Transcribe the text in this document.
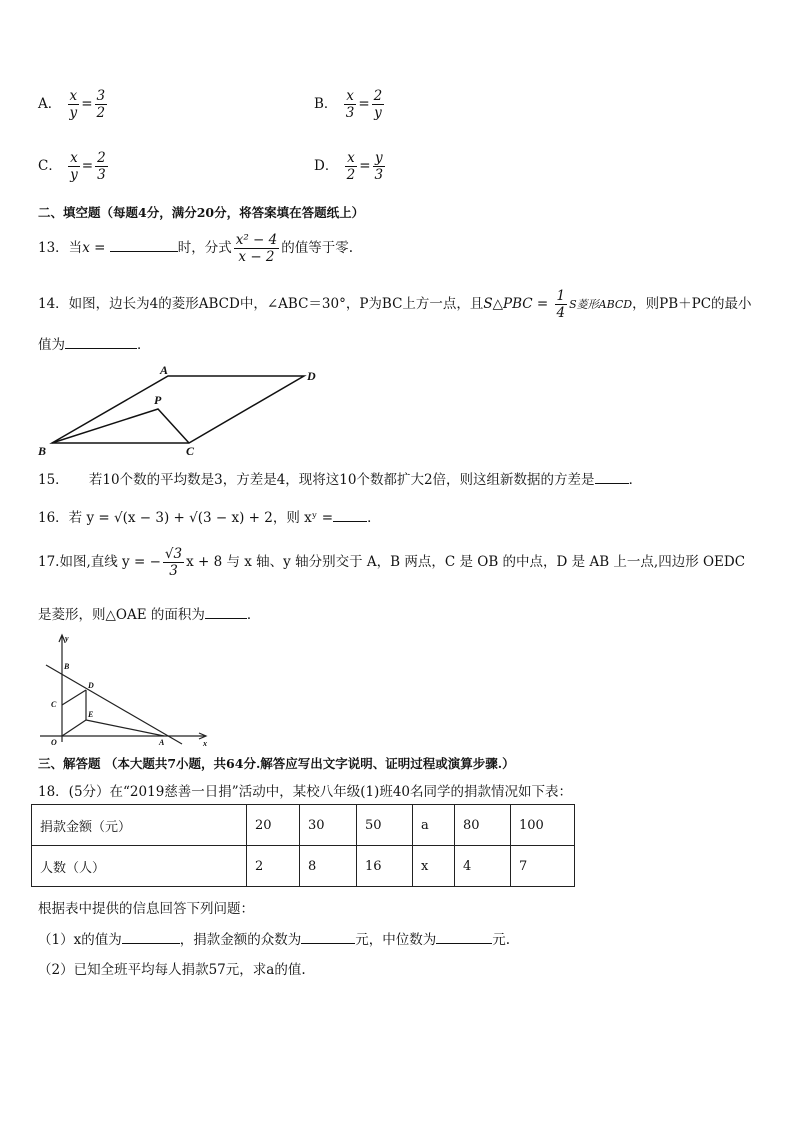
A． $\frac{x}{y} = \frac{3}{2}$	B． $\frac{x}{3} = \frac{2}{y}$
C． $\frac{x}{y} = \frac{2}{3}$	D． $\frac{x}{2} = \frac{y}{3}$
二、填空题（每题4分，满分20分，将答案填在答题纸上）
13．当x =	时，分式 $\frac{\text{x² − 4}}{x - 2}$ 的值等于零.
14．如图，边长为4的菱形ABCD中，∠ABC＝30°，P为BC上方一点，且S△PBC = $\frac{1}{4}$ S菱形ABCD，则PB＋PC的最小
值为	．
A
B	C
D
P
15．　　若10个数的平均数是3，方差是4，现将这10个数都扩大2倍，则这组新数据的方差是	．
16．若 y = √(x − 3) + √(3 − x) + 2，则 xʸ =	．
17.如图,直线 y = − $\frac{√3}{3}$ x + 8 与 x 轴、y 轴分别交于 A，B 两点，C 是 OB 的中点，D 是 AB 上一点,四边形 OEDC
是菱形，则△OAE 的面积为	．
y
x
B
C
D
E
O	A
三、解答题 （本大题共7小题，共64分.解答应写出文字说明、证明过程或演算步骤.）
18．(5分）在“2019慈善一日捐”活动中，某校八年级(1)班40名同学的捐款情况如下表：
捐款金额（元）	20	30	50	a	80	100
人数（人）	2	8	16	x	4	7
根据表中提供的信息回答下列问题：
（1）x的值为	，捐款金额的众数为	元，中位数为	元.
（2）已知全班平均每人捐款57元，求a的值.
